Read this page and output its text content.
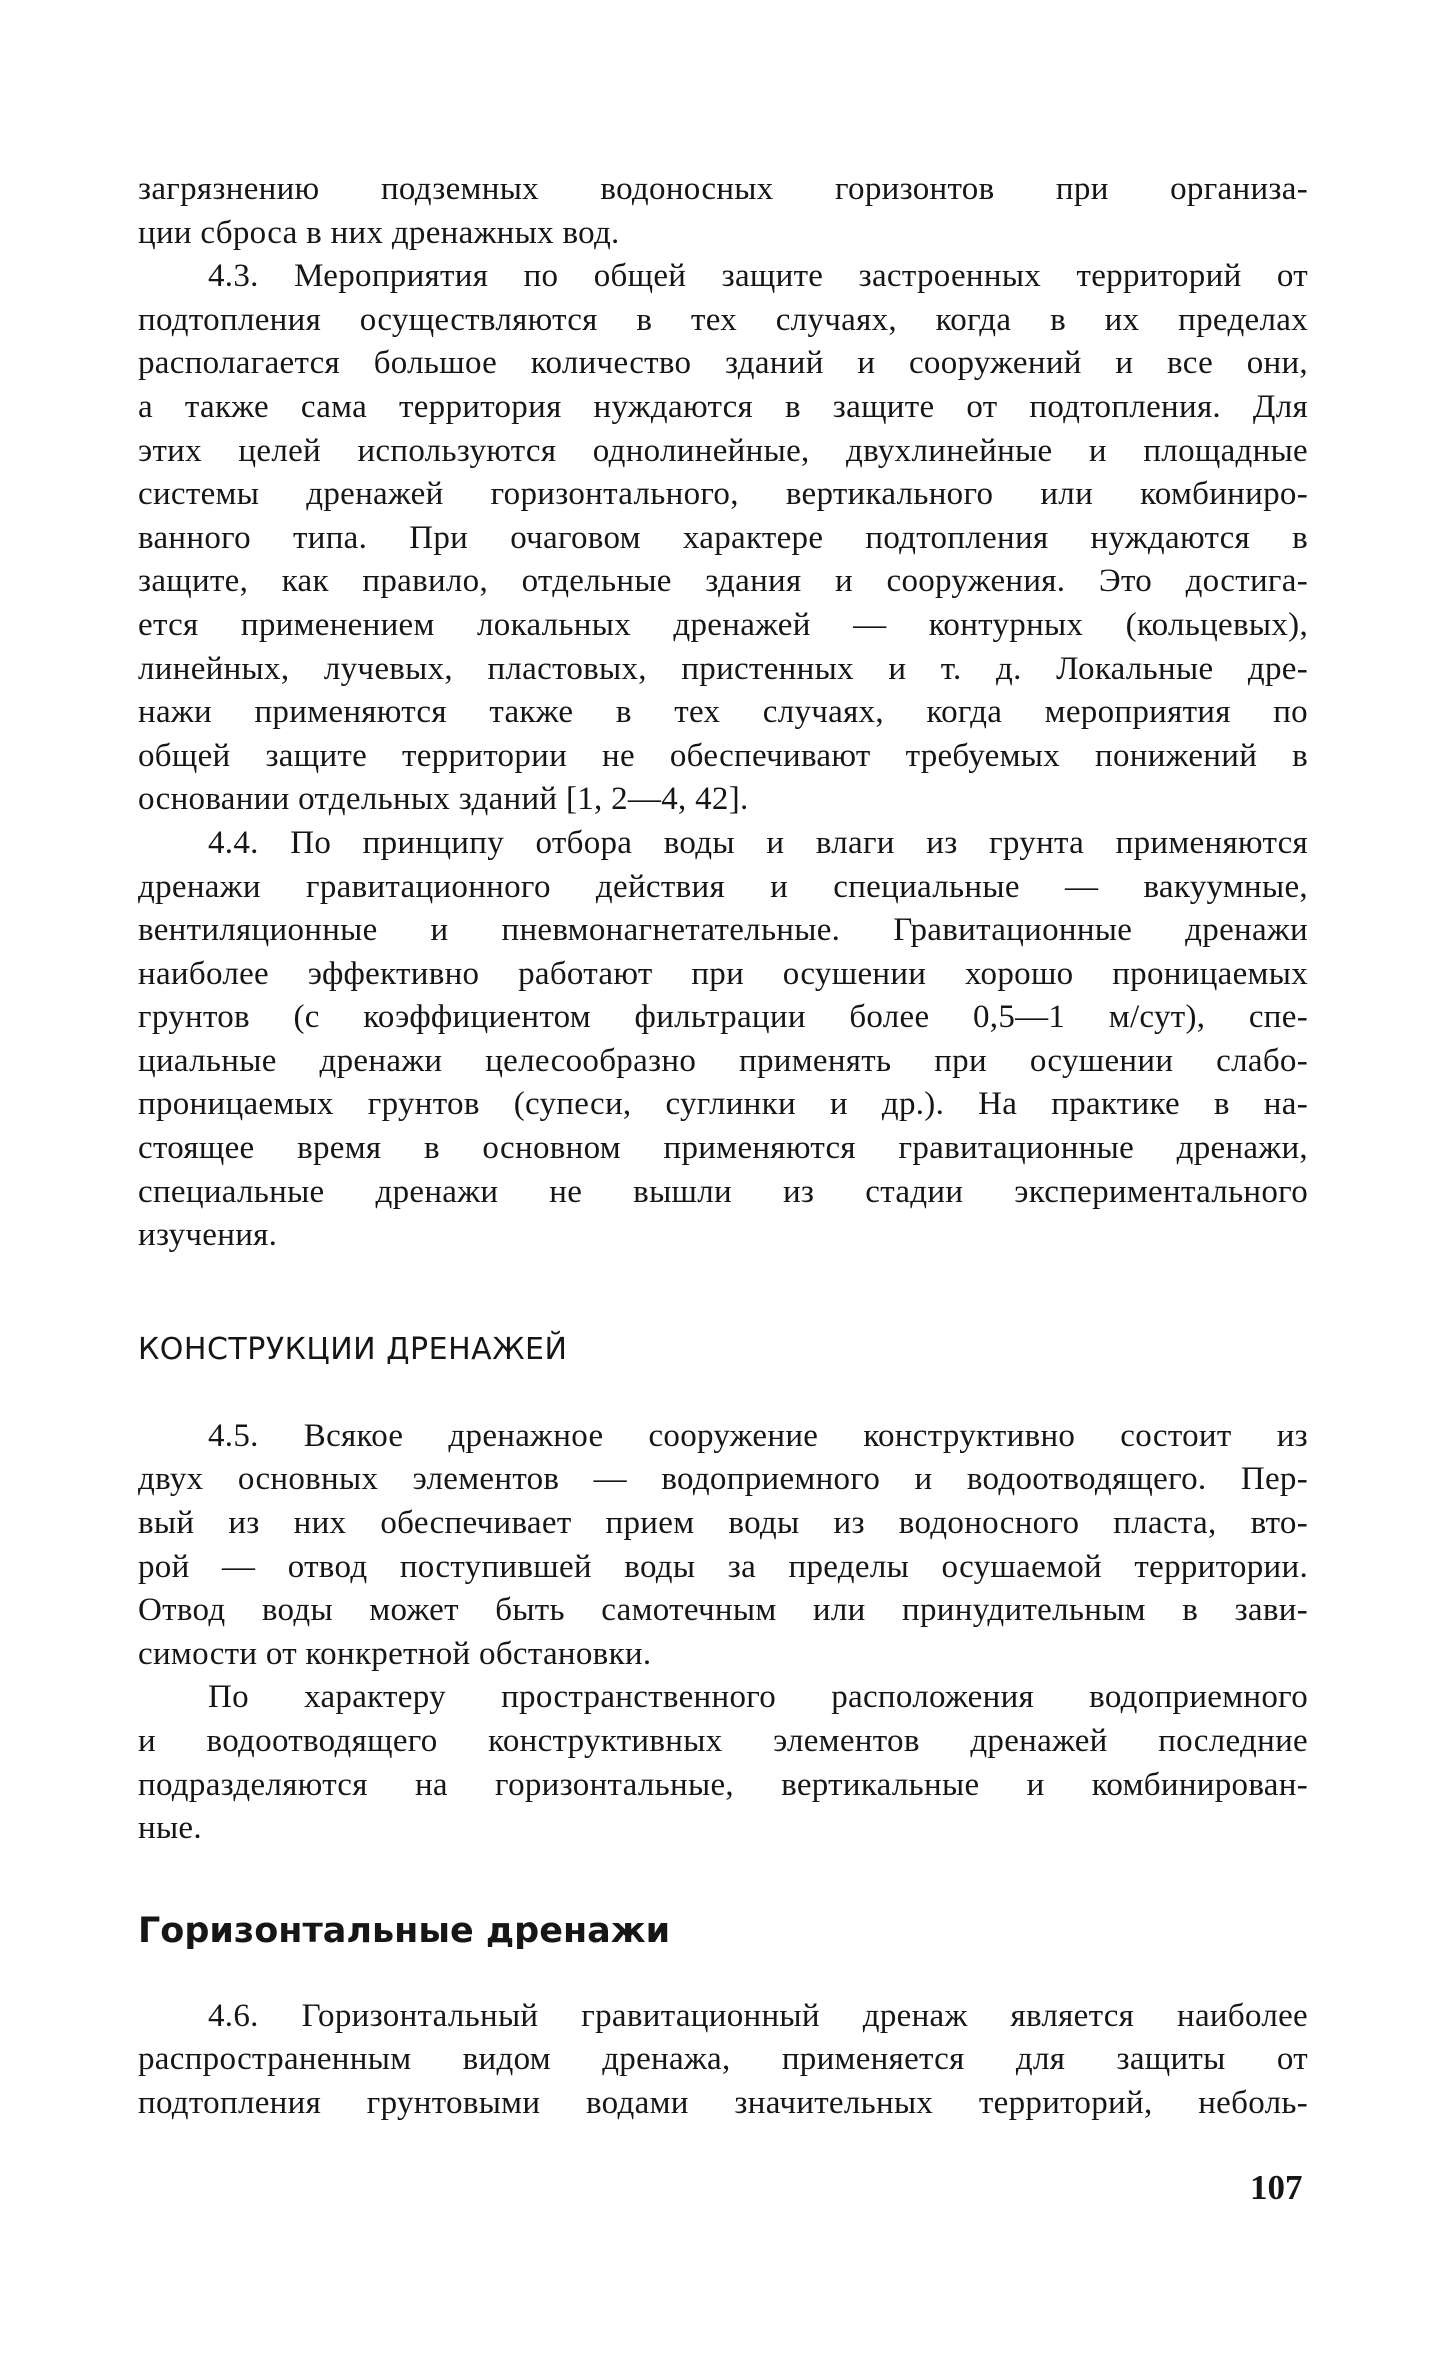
загрязнению подземных водоносных горизонтов при организа-
ции сброса в них дренажных вод.
4.3. Мероприятия по общей защите застроенных территорий от
подтопления осуществляются в тех случаях, когда в их пределах
располагается большое количество зданий и сооружений и все они,
а также сама территория нуждаются в защите от подтопления. Для
этих целей используются однолинейные, двухлинейные и площадные
системы дренажей горизонтального, вертикального или комбиниро-
ванного типа. При очаговом характере подтопления нуждаются в
защите, как правило, отдельные здания и сооружения. Это достига-
ется применением локальных дренажей — контурных (кольцевых),
линейных, лучевых, пластовых, пристенных и т. д. Локальные дре-
нажи применяются также в тех случаях, когда мероприятия по
общей защите территории не обеспечивают требуемых понижений в
основании отдельных зданий [1, 2—4, 42].
4.4. По принципу отбора воды и влаги из грунта применяются
дренажи гравитационного действия и специальные — вакуумные,
вентиляционные и пневмонагнетательные. Гравитационные дренажи
наиболее эффективно работают при осушении хорошо проницаемых
грунтов (с коэффициентом фильтрации более 0,5—1 м/сут), спе-
циальные дренажи целесообразно применять при осушении слабо-
проницаемых грунтов (супеси, суглинки и др.). На практике в на-
стоящее время в основном применяются гравитационные дренажи,
специальные дренажи не вышли из стадии экспериментального
изучения.
КОНСТРУКЦИИ ДРЕНАЖЕЙ
4.5. Всякое дренажное сооружение конструктивно состоит из
двух основных элементов — водоприемного и водоотводящего. Пер-
вый из них обеспечивает прием воды из водоносного пласта, вто-
рой — отвод поступившей воды за пределы осушаемой территории.
Отвод воды может быть самотечным или принудительным в зави-
симости от конкретной обстановки.
По характеру пространственного расположения водоприемного
и водоотводящего конструктивных элементов дренажей последние
подразделяются на горизонтальные, вертикальные и комбинирован-
ные.
Горизонтальные дренажи
4.6. Горизонтальный гравитационный дренаж является наиболее
распространенным видом дренажа, применяется для защиты от
подтопления грунтовыми водами значительных территорий, неболь-
107
